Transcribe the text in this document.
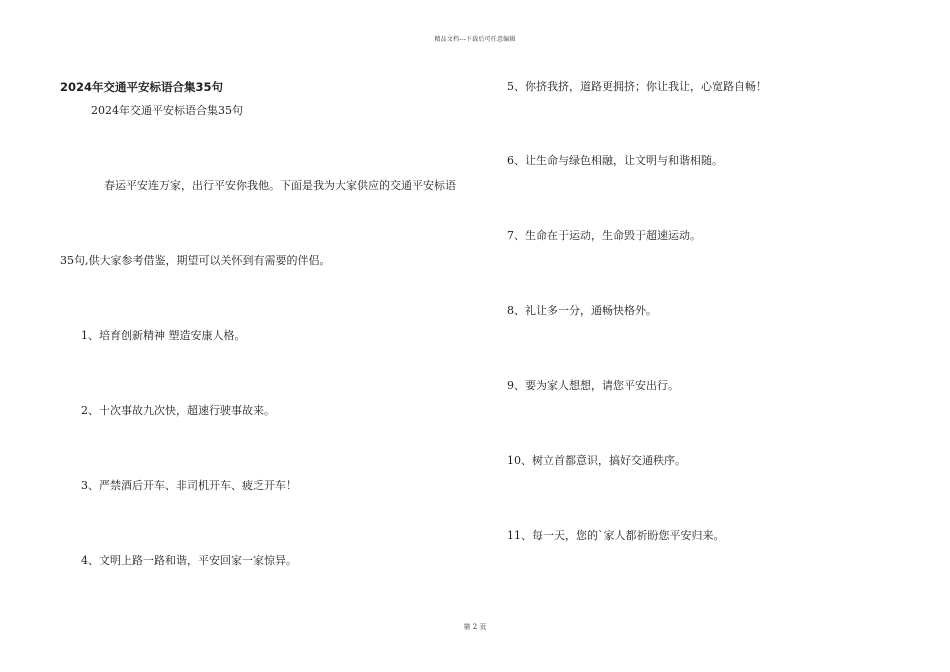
精品文档---下载后可任意编辑
2024年交通平安标语合集35句
2024年交通平安标语合集35句
春运平安连万家，出行平安你我他。下面是我为大家供应的交通平安标语
35句,供大家参考借鉴，期望可以关怀到有需要的伴侣。
1、培育创新精神 塑造安康人格。
2、十次事故九次快，超速行驶事故来。
3、严禁酒后开车、非司机开车、疲乏开车！
4、文明上路一路和谐，平安回家一家惊异。
5、你挤我挤，道路更拥挤；你让我让，心宽路自畅！
6、让生命与绿色相融，让文明与和谐相随。
7、生命在于运动，生命毁于超速运动。
8、礼让多一分，通畅快格外。
9、要为家人想想，请您平安出行。
10、树立首都意识，搞好交通秩序。
11、每一天，您的`家人都祈盼您平安归来。
第 2 页
